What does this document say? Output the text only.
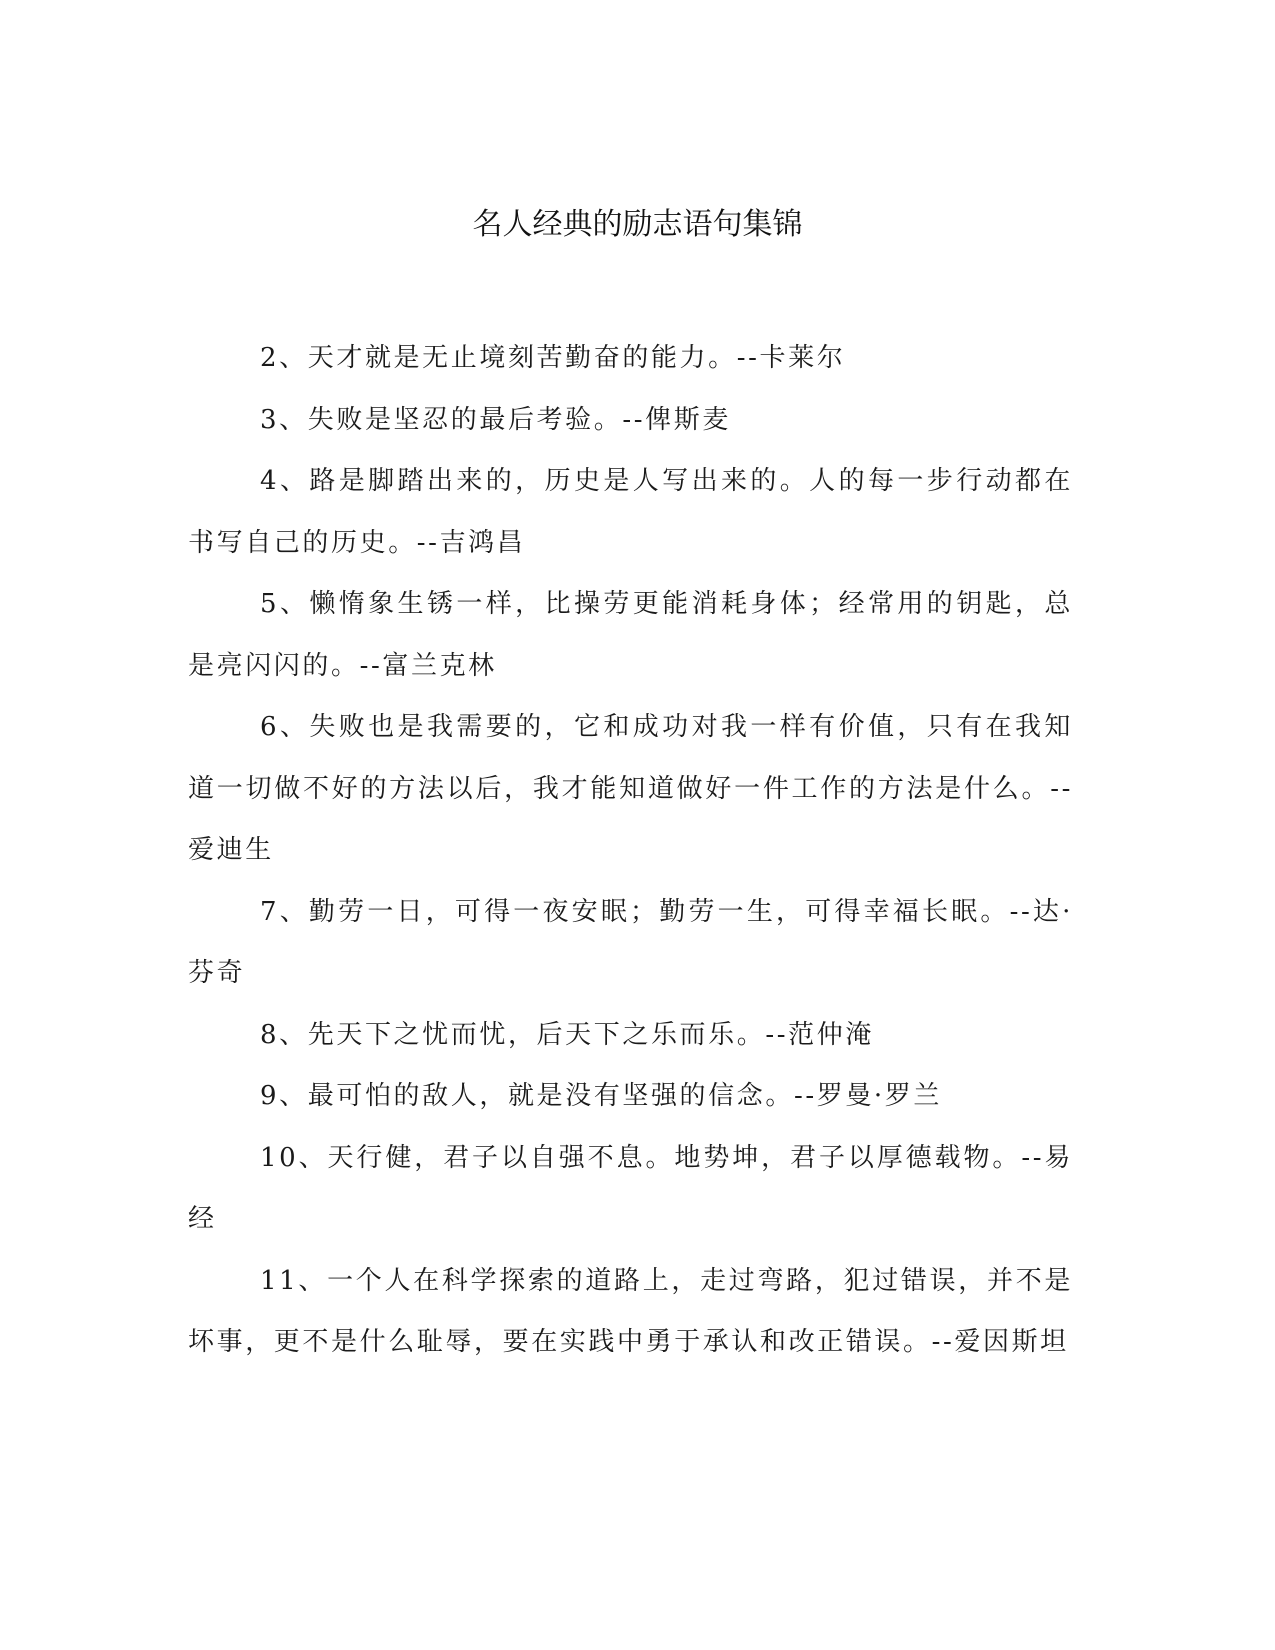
名人经典的励志语句集锦

2、天才就是无止境刻苦勤奋的能力。--卡莱尔

3、失败是坚忍的最后考验。--俾斯麦

4、路是脚踏出来的，历史是人写出来的。人的每一步行动都在书写自己的历史。--吉鸿昌

5、懒惰象生锈一样，比操劳更能消耗身体；经常用的钥匙，总是亮闪闪的。--富兰克林

6、失败也是我需要的，它和成功对我一样有价值，只有在我知道一切做不好的方法以后，我才能知道做好一件工作的方法是什么。--爱迪生

7、勤劳一日，可得一夜安眠；勤劳一生，可得幸福长眠。--达·芬奇

8、先天下之忧而忧，后天下之乐而乐。--范仲淹

9、最可怕的敌人，就是没有坚强的信念。--罗曼·罗兰

10、天行健，君子以自强不息。地势坤，君子以厚德载物。--易经

11、一个人在科学探索的道路上，走过弯路，犯过错误，并不是坏事，更不是什么耻辱，要在实践中勇于承认和改正错误。--爱因斯坦
